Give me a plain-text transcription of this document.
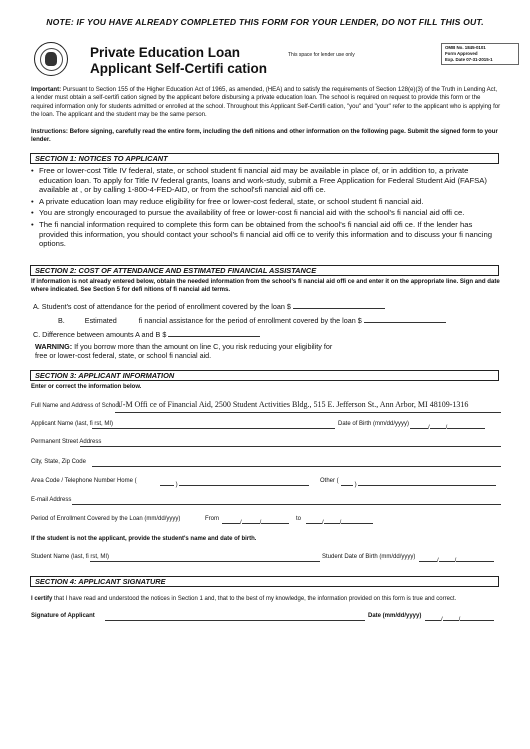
NOTE: IF YOU HAVE ALREADY COMPLETED THIS FORM FOR YOUR LENDER, DO NOT FILL THIS OUT.
Private Education Loan
Applicant Self-Certifi cation
This space for lender use only
OMB No. 1845-0101
Form Approved
Exp. Date 07-31-2015-1
Important: Pursuant to Section 155 of the Higher Education Act of 1965, as amended, (HEA) and to satisfy the requirements of Section 128(e)(3) of the Truth in Lending Act, a lender must obtain a self-certifi cation signed by the applicant before disbursing a private education loan. The school is required on request to provide this form or the required information only for students admitted or enrolled at the school. Throughout this Applicant Self-Certifi cation, "you" and "your" refer to the applicant who is applying for the loan. The applicant and the student may be the same person.
Instructions: Before signing, carefully read the entire form, including the defi nitions and other information on the following page. Submit the signed form to your lender.
SECTION 1: NOTICES TO APPLICANT
• Free or lower-cost Title IV federal, state, or school student fi nancial aid may be available in place of, or in addition to, a private education loan. To apply for Title IV federal grants, loans and work-study, submit a Free Application for Federal Student Aid (FAFSA) available at , or by calling 1-800-4-FED-AID, or from the school'sfi nancial aid offi ce.
• A private education loan may reduce eligibility for free or lower-cost federal, state, or school student fi nancial aid.
• You are strongly encouraged to pursue the availability of free or lower-cost fi nancial aid with the school's fi nancial aid offi ce.
• The fi nancial information required to complete this form can be obtained from the school's fi nancial aid offi ce. If the lender has provided this information, you should contact your school's fi nancial aid offi ce to verify this information and to discuss your fi nancing options.
SECTION 2: COST OF ATTENDANCE AND ESTIMATED FINANCIAL ASSISTANCE
If information is not already entered below, obtain the needed information from the school's fi nancial aid offi ce and enter it on the appropriate line. Sign and date where indicated. See Section 5 for defi nitions of fi nancial aid terms.
A. Student's cost of attendance for the period of enrollment covered by the loan $
B.	Estimated	fi nancial assistance for the period of enrollment covered by the loan $
C. Difference between amounts A and B $
WARNING: If you borrow more than the amount on line C, you risk reducing your eligibility for
free or lower-cost federal, state, or school fi nancial aid.
SECTION 3: APPLICANT INFORMATION
Enter or correct the information below.
Full Name and Address of School
U-M Offi ce of Financial Aid, 2500 Student Activities Bldg., 515 E. Jefferson St., Ann Arbor, MI 48109-1316
Applicant Name (last, fi rst, MI)	Date of Birth (mm/dd/yyyy)
/	/
Permanent Street Address
City, State, Zip Code
Area Code / Telephone Number Home (
)
Other (
)
E-mail Address
Period of Enrollment Covered by the Loan (mm/dd/yyyy)	From
/	/
to
/	/
If the student is not the applicant, provide the student's name and date of birth.
Student Name (last, fi rst, MI)	Student Date of Birth (mm/dd/yyyy)
/	/
SECTION 4: APPLICANT SIGNATURE
I certify that I have read and understood the notices in Section 1 and, that to the best of my knowledge, the information provided on this form is true and correct.
Signature of Applicant	Date (mm/dd/yyyy)
/	/
